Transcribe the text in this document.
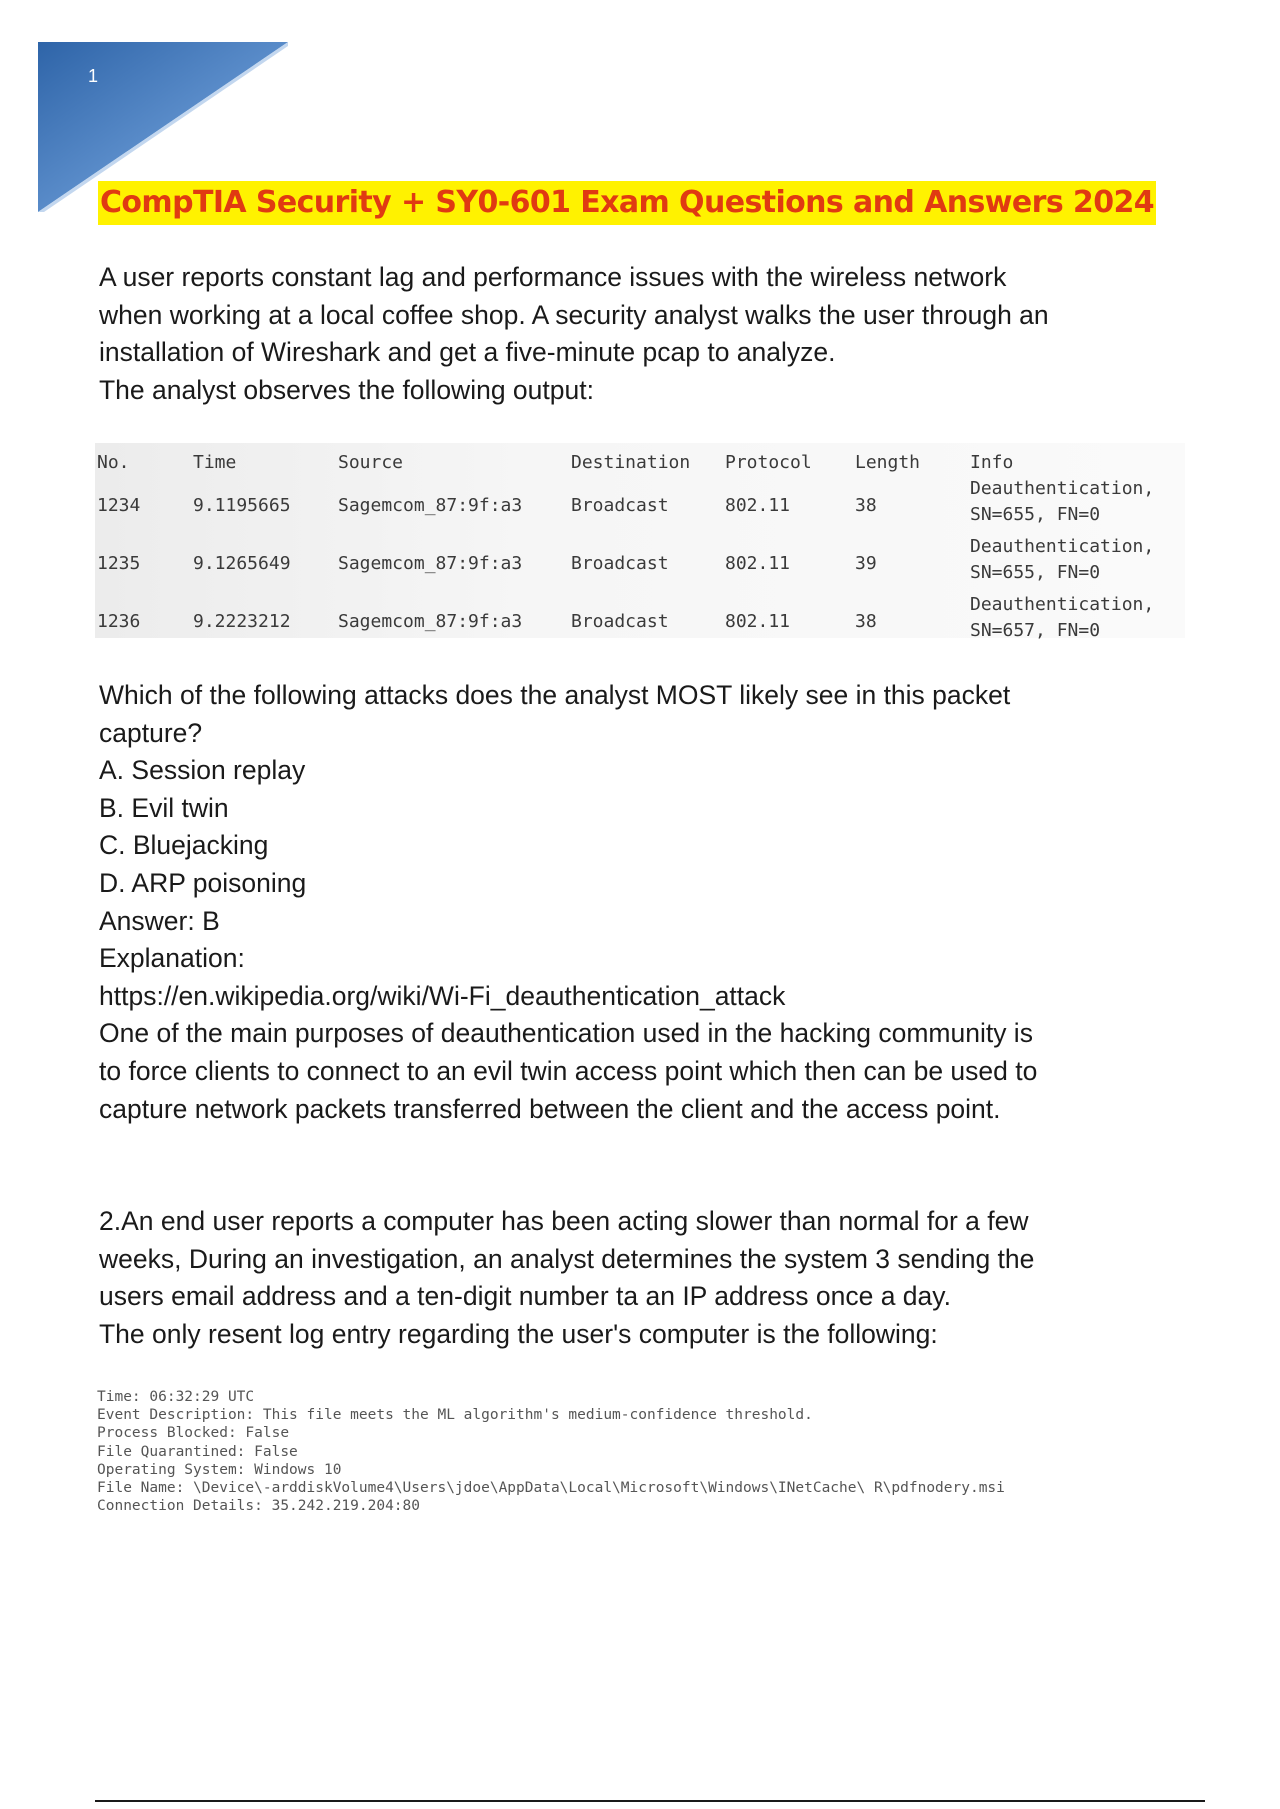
1
CompTIA Security + SY0-601 Exam Questions and Answers 2024

A user reports constant lag and performance issues with the wireless network

when working at a local coffee shop. A security analyst walks the user through an

installation of Wireshark and get a five-minute pcap to analyze.

The analyst observes the following output:

No.	Time	Source	Destination Protocol Length	Info
1234	9.1195665	Sagemcom_87:9f:a3	Broadcast	802.11	38
Deauthentication,
SN=655, FN=0
1235	9.1265649	Sagemcom_87:9f:a3	Broadcast	802.11	39
Deauthentication,
SN=655, FN=0
1236	9.2223212	Sagemcom_87:9f:a3	Broadcast	802.11	38
Deauthentication,
SN=657, FN=0

Which of the following attacks does the analyst MOST likely see in this packet

capture?

A. Session replay

B. Evil twin

C. Bluejacking

D. ARP poisoning

Answer: B

Explanation:

https://en.wikipedia.org/wiki/Wi-Fi_deauthentication_attack

One of the main purposes of deauthentication used in the hacking community is

to force clients to connect to an evil twin access point which then can be used to

capture network packets transferred between the client and the access point.

2.An end user reports a computer has been acting slower than normal for a few

weeks, During an investigation, an analyst determines the system 3 sending the

users email address and a ten-digit number ta an IP address once a day.

The only resent log entry regarding the user's computer is the following:

Time: 06:32:29 UTC
Event Description: This file meets the ML algorithm's medium-confidence threshold.
Process Blocked: False
File Quarantined: False
Operating System: Windows 10
File Name: \Device\-arddiskVolume4\Users\jdoe\AppData\Local\Microsoft\Windows\INetCache\ R\pdfnodery.msi
Connection Details: 35.242.219.204:80
